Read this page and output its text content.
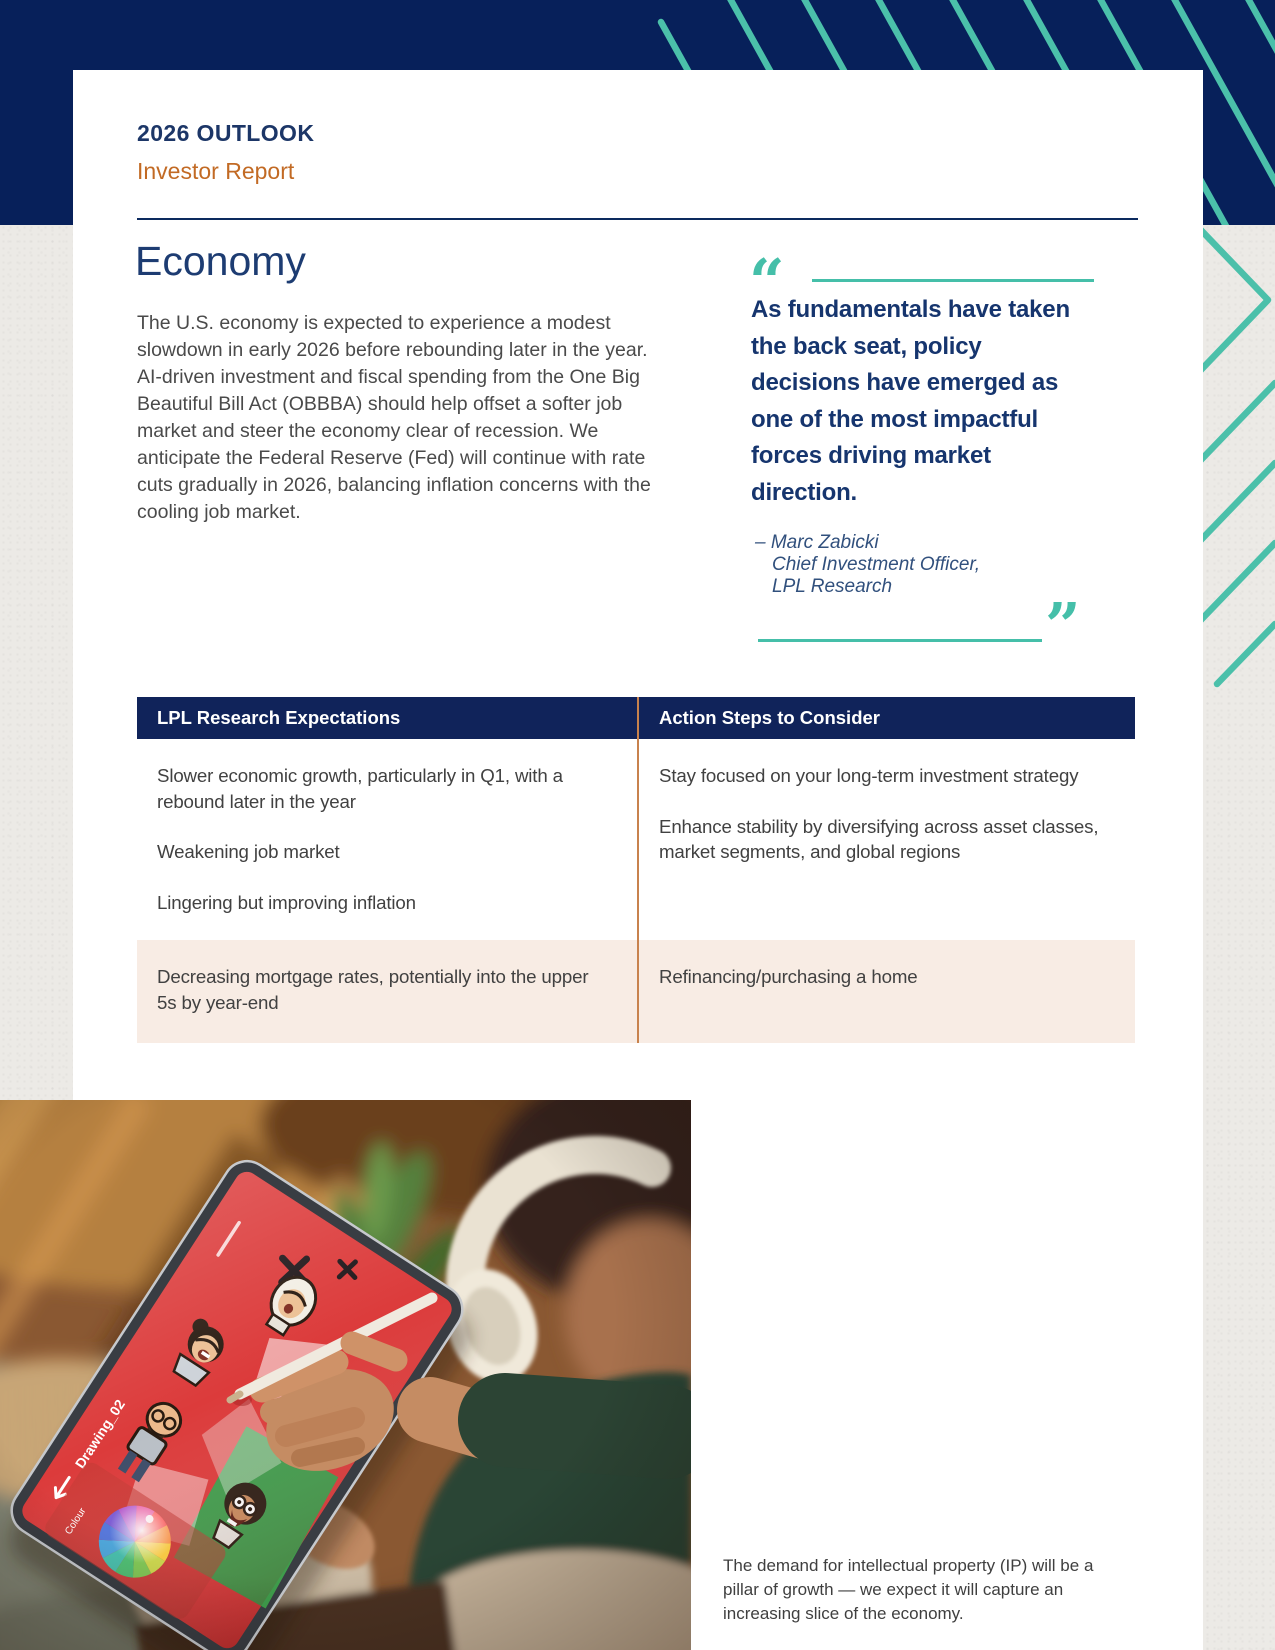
2026 OUTLOOK
Investor Report
Economy

The U.S. economy is expected to experience a modest slowdown in early 2026 before rebounding later in the year. AI-driven investment and fiscal spending from the One Big Beautiful Bill Act (OBBBA) should help offset a softer job market and steer the economy clear of recession. We anticipate the Federal Reserve (Fed) will continue with rate cuts gradually in 2026, balancing inflation concerns with the cooling job market.

“
As fundamentals have taken the back seat, policy decisions have emerged as one of the most impactful forces driving market direction.
– Marc Zabicki
Chief Investment Officer,
LPL Research
”
LPL Research Expectations	Action Steps to Consider

Slower economic growth, particularly in Q1, with a rebound later in the year

Weakening job market

Lingering but improving inflation

Stay focused on your long-term investment strategy

Enhance stability by diversifying across asset classes, market segments, and global regions

Decreasing mortgage rates, potentially into the upper 5s by year-end

Refinancing/purchasing a home

The demand for intellectual property (IP) will be a pillar of growth — we expect it will capture an increasing slice of the economy.
